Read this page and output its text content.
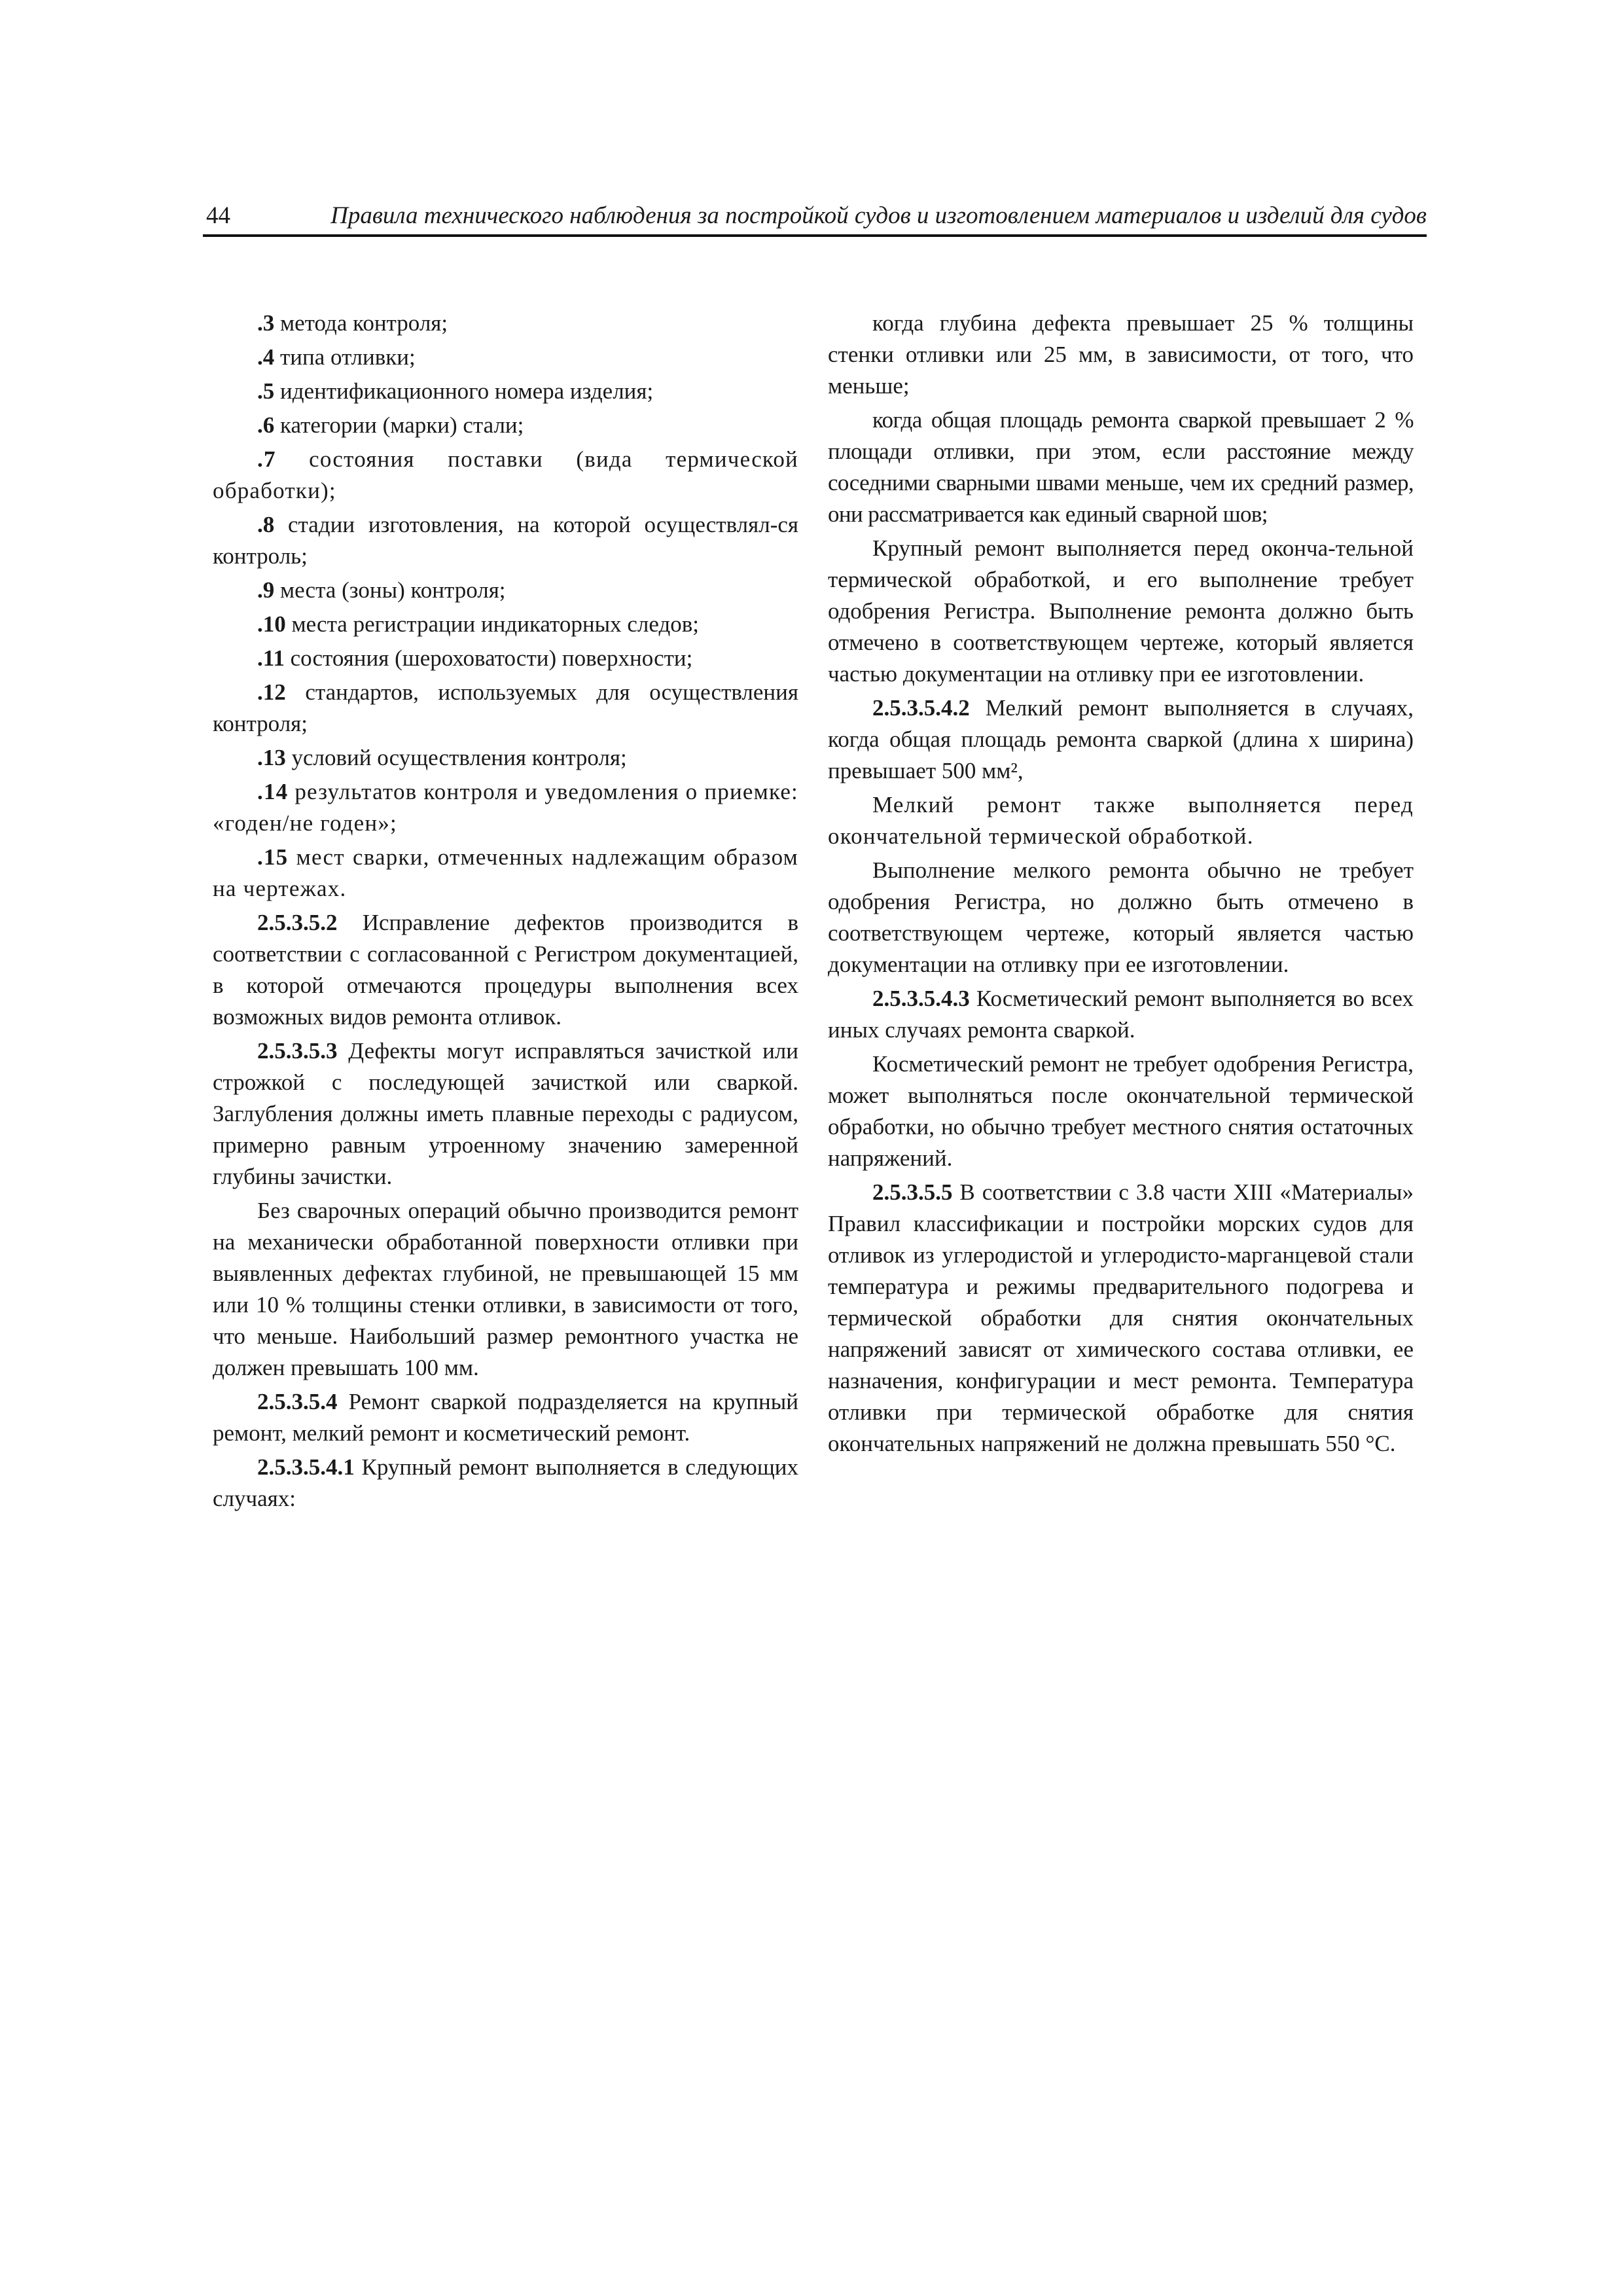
44	Правила технического наблюдения за постройкой судов и изготовлением материалов и изделий для судов

.3 метода контроля;

.4 типа отливки;

.5 идентификационного номера изделия;

.6 категории (марки) стали;

.7 состояния поставки (вида термической обработки);

.8 стадии изготовления, на которой осуществлял-ся контроль;

.9 места (зоны) контроля;

.10 места регистрации индикаторных следов;

.11 состояния (шероховатости) поверхности;

.12 стандартов, используемых для осуществления контроля;

.13 условий осуществления контроля;

.14 результатов контроля и уведомления о приемке: «годен/не годен»;

.15 мест сварки, отмеченных надлежащим образом на чертежах.

2.5.3.5.2 Исправление дефектов производится в соответствии с согласованной с Регистром документацией, в которой отмечаются процедуры выполнения всех возможных видов ремонта отливок.

2.5.3.5.3 Дефекты могут исправляться зачисткой или строжкой с последующей зачисткой или сваркой. Заглубления должны иметь плавные переходы с радиусом, примерно равным утроенному значению замеренной глубины зачистки.

Без сварочных операций обычно производится ремонт на механически обработанной поверхности отливки при выявленных дефектах глубиной, не превышающей 15 мм или 10 % толщины стенки отливки, в зависимости от того, что меньше. Наибольший размер ремонтного участка не должен превышать 100 мм.

2.5.3.5.4 Ремонт сваркой подразделяется на крупный ремонт, мелкий ремонт и косметический ремонт.

2.5.3.5.4.1 Крупный ремонт выполняется в следующих случаях:

когда глубина дефекта превышает 25 % толщины стенки отливки или 25 мм, в зависимости, от того, что меньше;

когда общая площадь ремонта сваркой превышает 2 % площади отливки, при этом, если расстояние между соседними сварными швами меньше, чем их средний размер, они рассматривается как единый сварной шов;

Крупный ремонт выполняется перед оконча-тельной термической обработкой, и его выполнение требует одобрения Регистра. Выполнение ремонта должно быть отмечено в соответствующем чертеже, который является частью документации на отливку при ее изготовлении.

2.5.3.5.4.2 Мелкий ремонт выполняется в случаях, когда общая площадь ремонта сваркой (длина х ширина) превышает 500 мм²,

Мелкий ремонт также выполняется перед окончательной термической обработкой.

Выполнение мелкого ремонта обычно не требует одобрения Регистра, но должно быть отмечено в соответствующем чертеже, который является частью документации на отливку при ее изготовлении.

2.5.3.5.4.3 Косметический ремонт выполняется во всех иных случаях ремонта сваркой.

Косметический ремонт не требует одобрения Регистра, может выполняться после окончательной термической обработки, но обычно требует местного снятия остаточных напряжений.

2.5.3.5.5 В соответствии с 3.8 части XIII «Материалы» Правил классификации и постройки морских судов для отливок из углеродистой и углеродисто-марганцевой стали температура и режимы предварительного подогрева и термической обработки для снятия окончательных напряжений зависят от химического состава отливки, ее назначения, конфигурации и мест ремонта. Температура отливки при термической обработке для снятия окончательных напряжений не должна превышать 550 °С.
